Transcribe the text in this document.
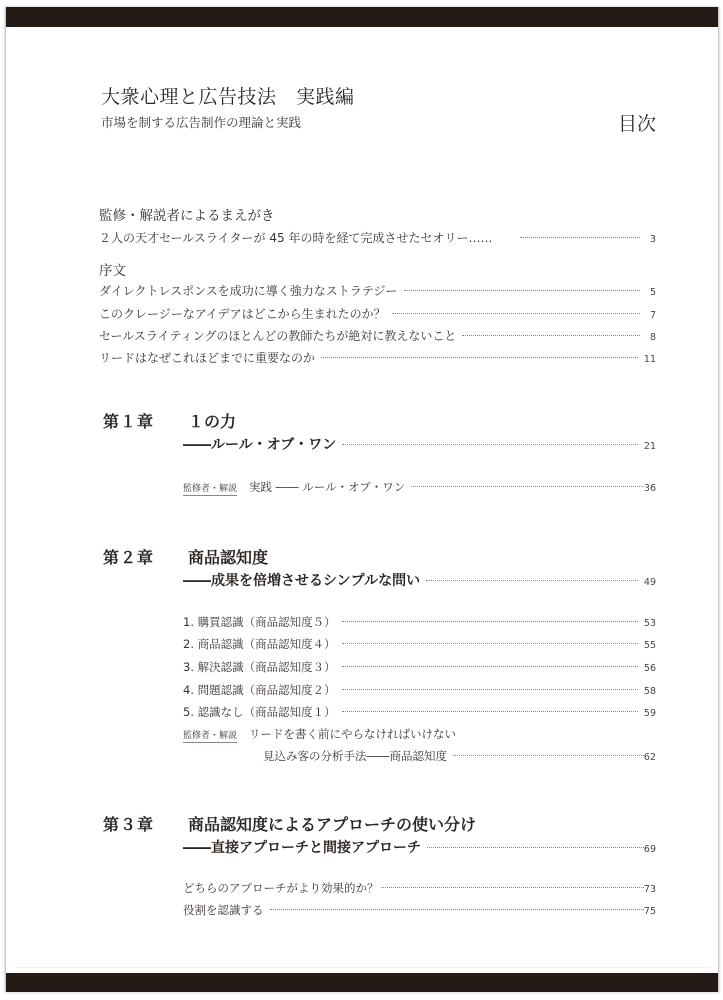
大衆心理と広告技法　実践編
市場を制する広告制作の理論と実践	目次
監修・解説者によるまえがき
２人の天才セールスライターが 45 年の時を経て完成させたセオリー……	3
序文
ダイレクトレスポンスを成功に導く強力なストラテジー	5
このクレージーなアイデアはどこから生まれたのか？	7
セールスライティングのほとんどの教師たちが絶対に教えないこと	8
リードはなぜこれほどまでに重要なのか	11
第１章 １の力
――ルール・オブ・ワン	21
監修者・解説 実践 ―― ルール・オブ・ワン	36
第２章 商品認知度
――成果を倍増させるシンプルな問い	49
1. 購買認識（商品認知度５）	53
2. 商品認識（商品認知度４）	55
3. 解決認識（商品認知度３）	56
4. 問題認識（商品認知度２）	58
5. 認識なし（商品認知度１）	59
監修者・解説 リードを書く前にやらなければいけない
見込み客の分析手法――商品認知度	62
第３章 商品認知度によるアプローチの使い分け
――直接アプローチと間接アプローチ	69
どちらのアプローチがより効果的か？	73
役割を認識する	75
